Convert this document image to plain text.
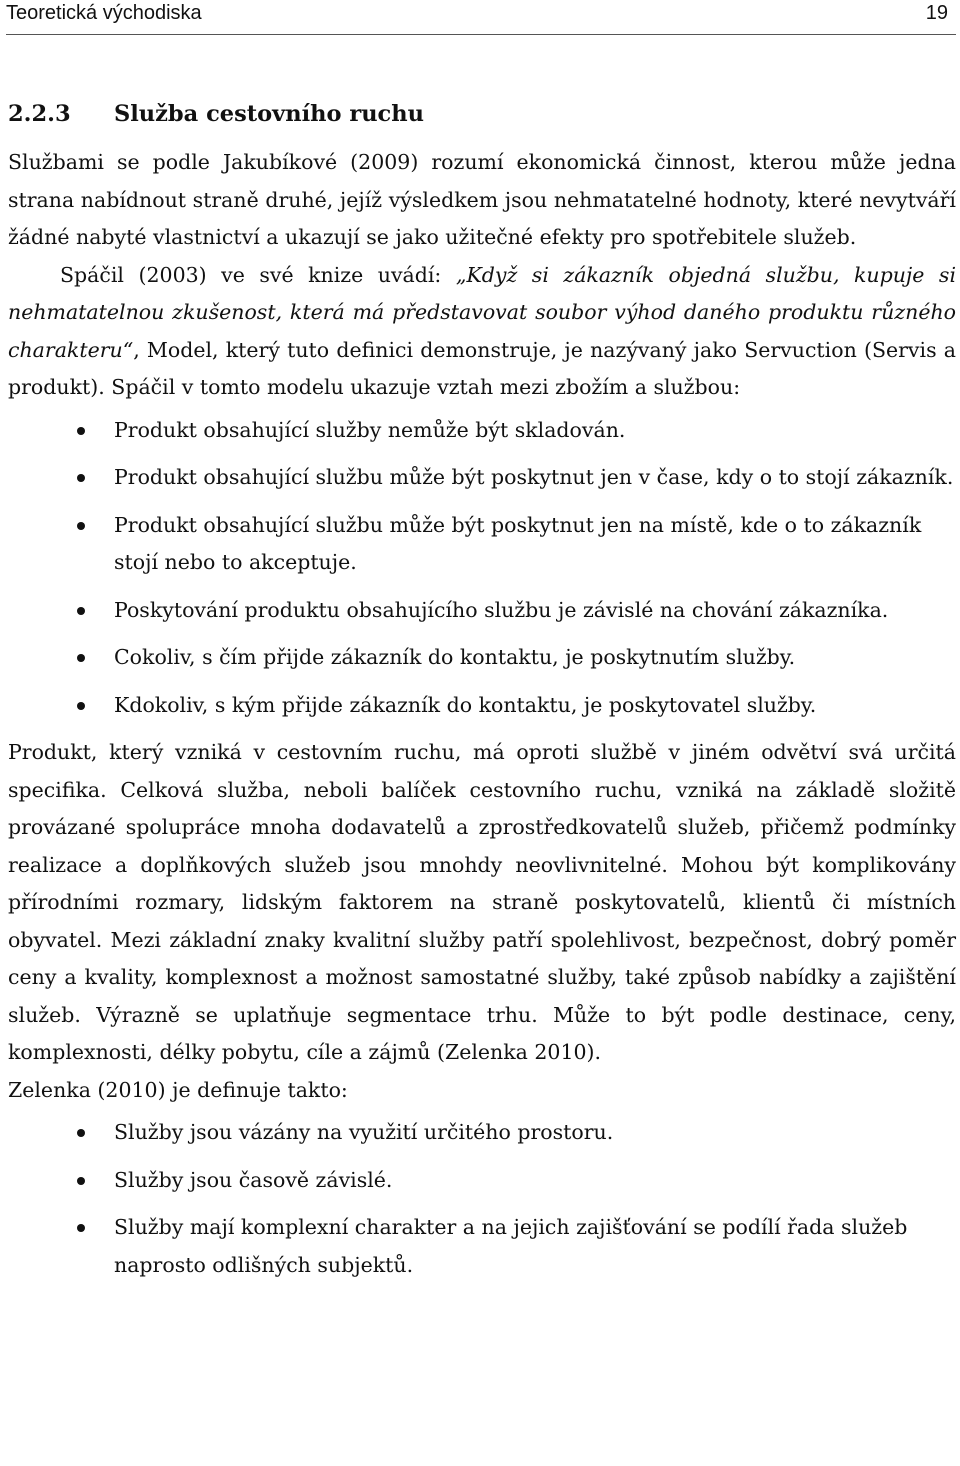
Teoretická východiska	19
2.2.3 Služba cestovního ruchu

Službami se podle Jakubíkové (2009) rozumí ekonomická činnost, kterou může jedna strana nabídnout straně druhé, jejíž výsledkem jsou nehmatatelné hodnoty, které nevytváří žádné nabyté vlastnictví a ukazují se jako užitečné efekty pro spotřebitele služeb.

Spáčil (2003) ve své knize uvádí: „Když si zákazník objedná službu, kupuje si nehmatatelnou zkušenost, která má představovat soubor výhod daného produktu různého charakteru“, Model, který tuto definici demonstruje, je nazývaný jako Servuction (Servis a produkt). Spáčil v tomto modelu ukazuje vztah mezi zbožím a službou:

Produkt obsahující služby nemůže být skladován.
Produkt obsahující službu může být poskytnut jen v čase, kdy o to stojí zákazník.
Produkt obsahující službu může být poskytnut jen na místě, kde o to zákazník stojí nebo to akceptuje.
Poskytování produktu obsahujícího službu je závislé na chování zákazníka.
Cokoliv, s čím přijde zákazník do kontaktu, je poskytnutím služby.
Kdokoliv, s kým přijde zákazník do kontaktu, je poskytovatel služby.

Produkt, který vzniká v cestovním ruchu, má oproti službě v jiném odvětví svá určitá specifika. Celková služba, neboli balíček cestovního ruchu, vzniká na základě složitě provázané spolupráce mnoha dodavatelů a zprostředkovatelů služeb, přičemž podmínky realizace a doplňkových služeb jsou mnohdy neovlivnitelné. Mohou být komplikovány přírodními rozmary, lidským faktorem na straně poskytovatelů, klientů či místních obyvatel. Mezi základní znaky kvalitní služby patří spolehlivost, bezpečnost, dobrý poměr ceny a kvality, komplexnost a možnost samostatné služby, také způsob nabídky a zajištění služeb. Výrazně se uplatňuje segmentace trhu. Může to být podle destinace, ceny, komplexnosti, délky pobytu, cíle a zájmů (Zelenka 2010).

Zelenka (2010) je definuje takto:

Služby jsou vázány na využití určitého prostoru.
Služby jsou časově závislé.
Služby mají komplexní charakter a na jejich zajišťování se podílí řada služeb naprosto odlišných subjektů.
